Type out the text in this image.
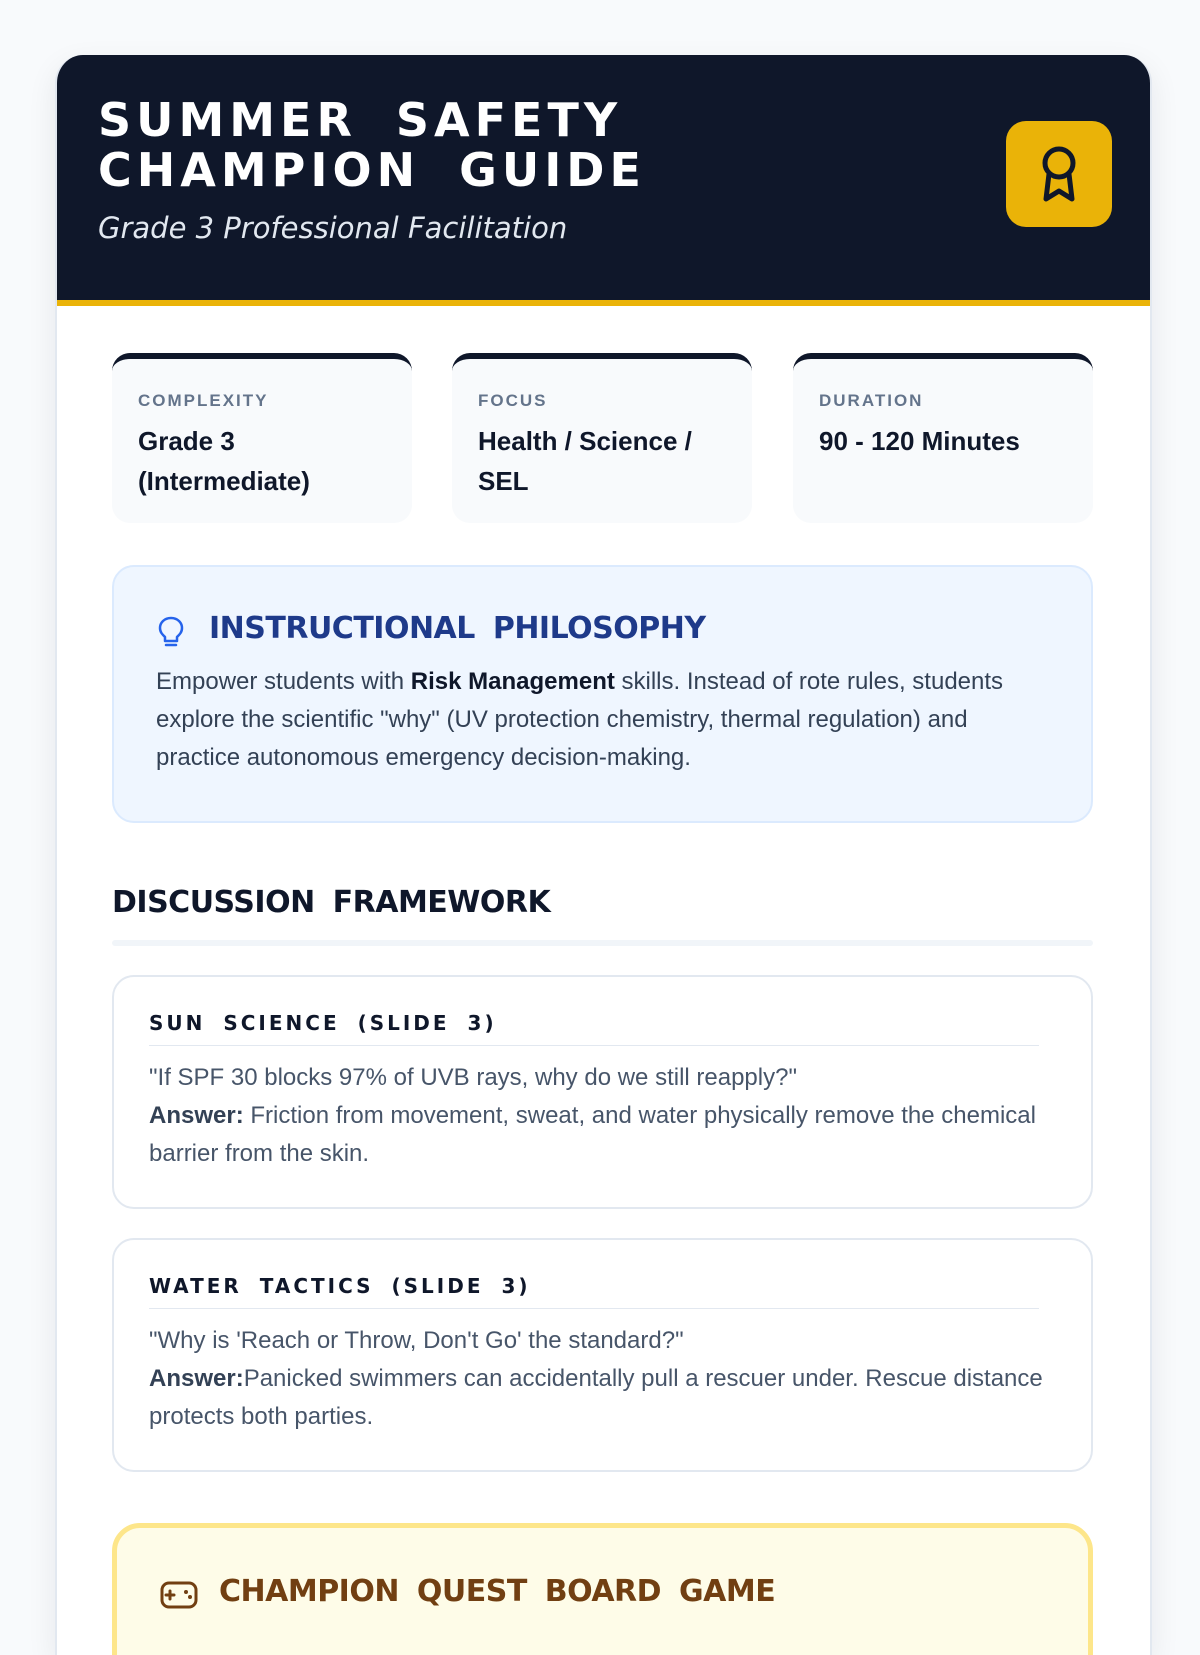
SUMMER SAFETY CHAMPION GUIDE
Grade 3 Professional Facilitation
COMPLEXITY
Grade 3 (Intermediate)
FOCUS
Health / Science / SEL
DURATION
90 - 120 Minutes
INSTRUCTIONAL PHILOSOPHY
Empower students with Risk Management skills. Instead of rote rules, students explore the scientific "why" (UV protection chemistry, thermal regulation) and practice autonomous emergency decision-making.
DISCUSSION FRAMEWORK
SUN SCIENCE (SLIDE 3)
"If SPF 30 blocks 97% of UVB rays, why do we still reapply?"
Answer: Friction from movement, sweat, and water physically remove the chemical barrier from the skin.
WATER TACTICS (SLIDE 3)
"Why is 'Reach or Throw, Don't Go' the standard?"
Answer:Panicked swimmers can accidentally pull a rescuer under. Rescue distance protects both parties.
CHAMPION QUEST BOARD GAME
